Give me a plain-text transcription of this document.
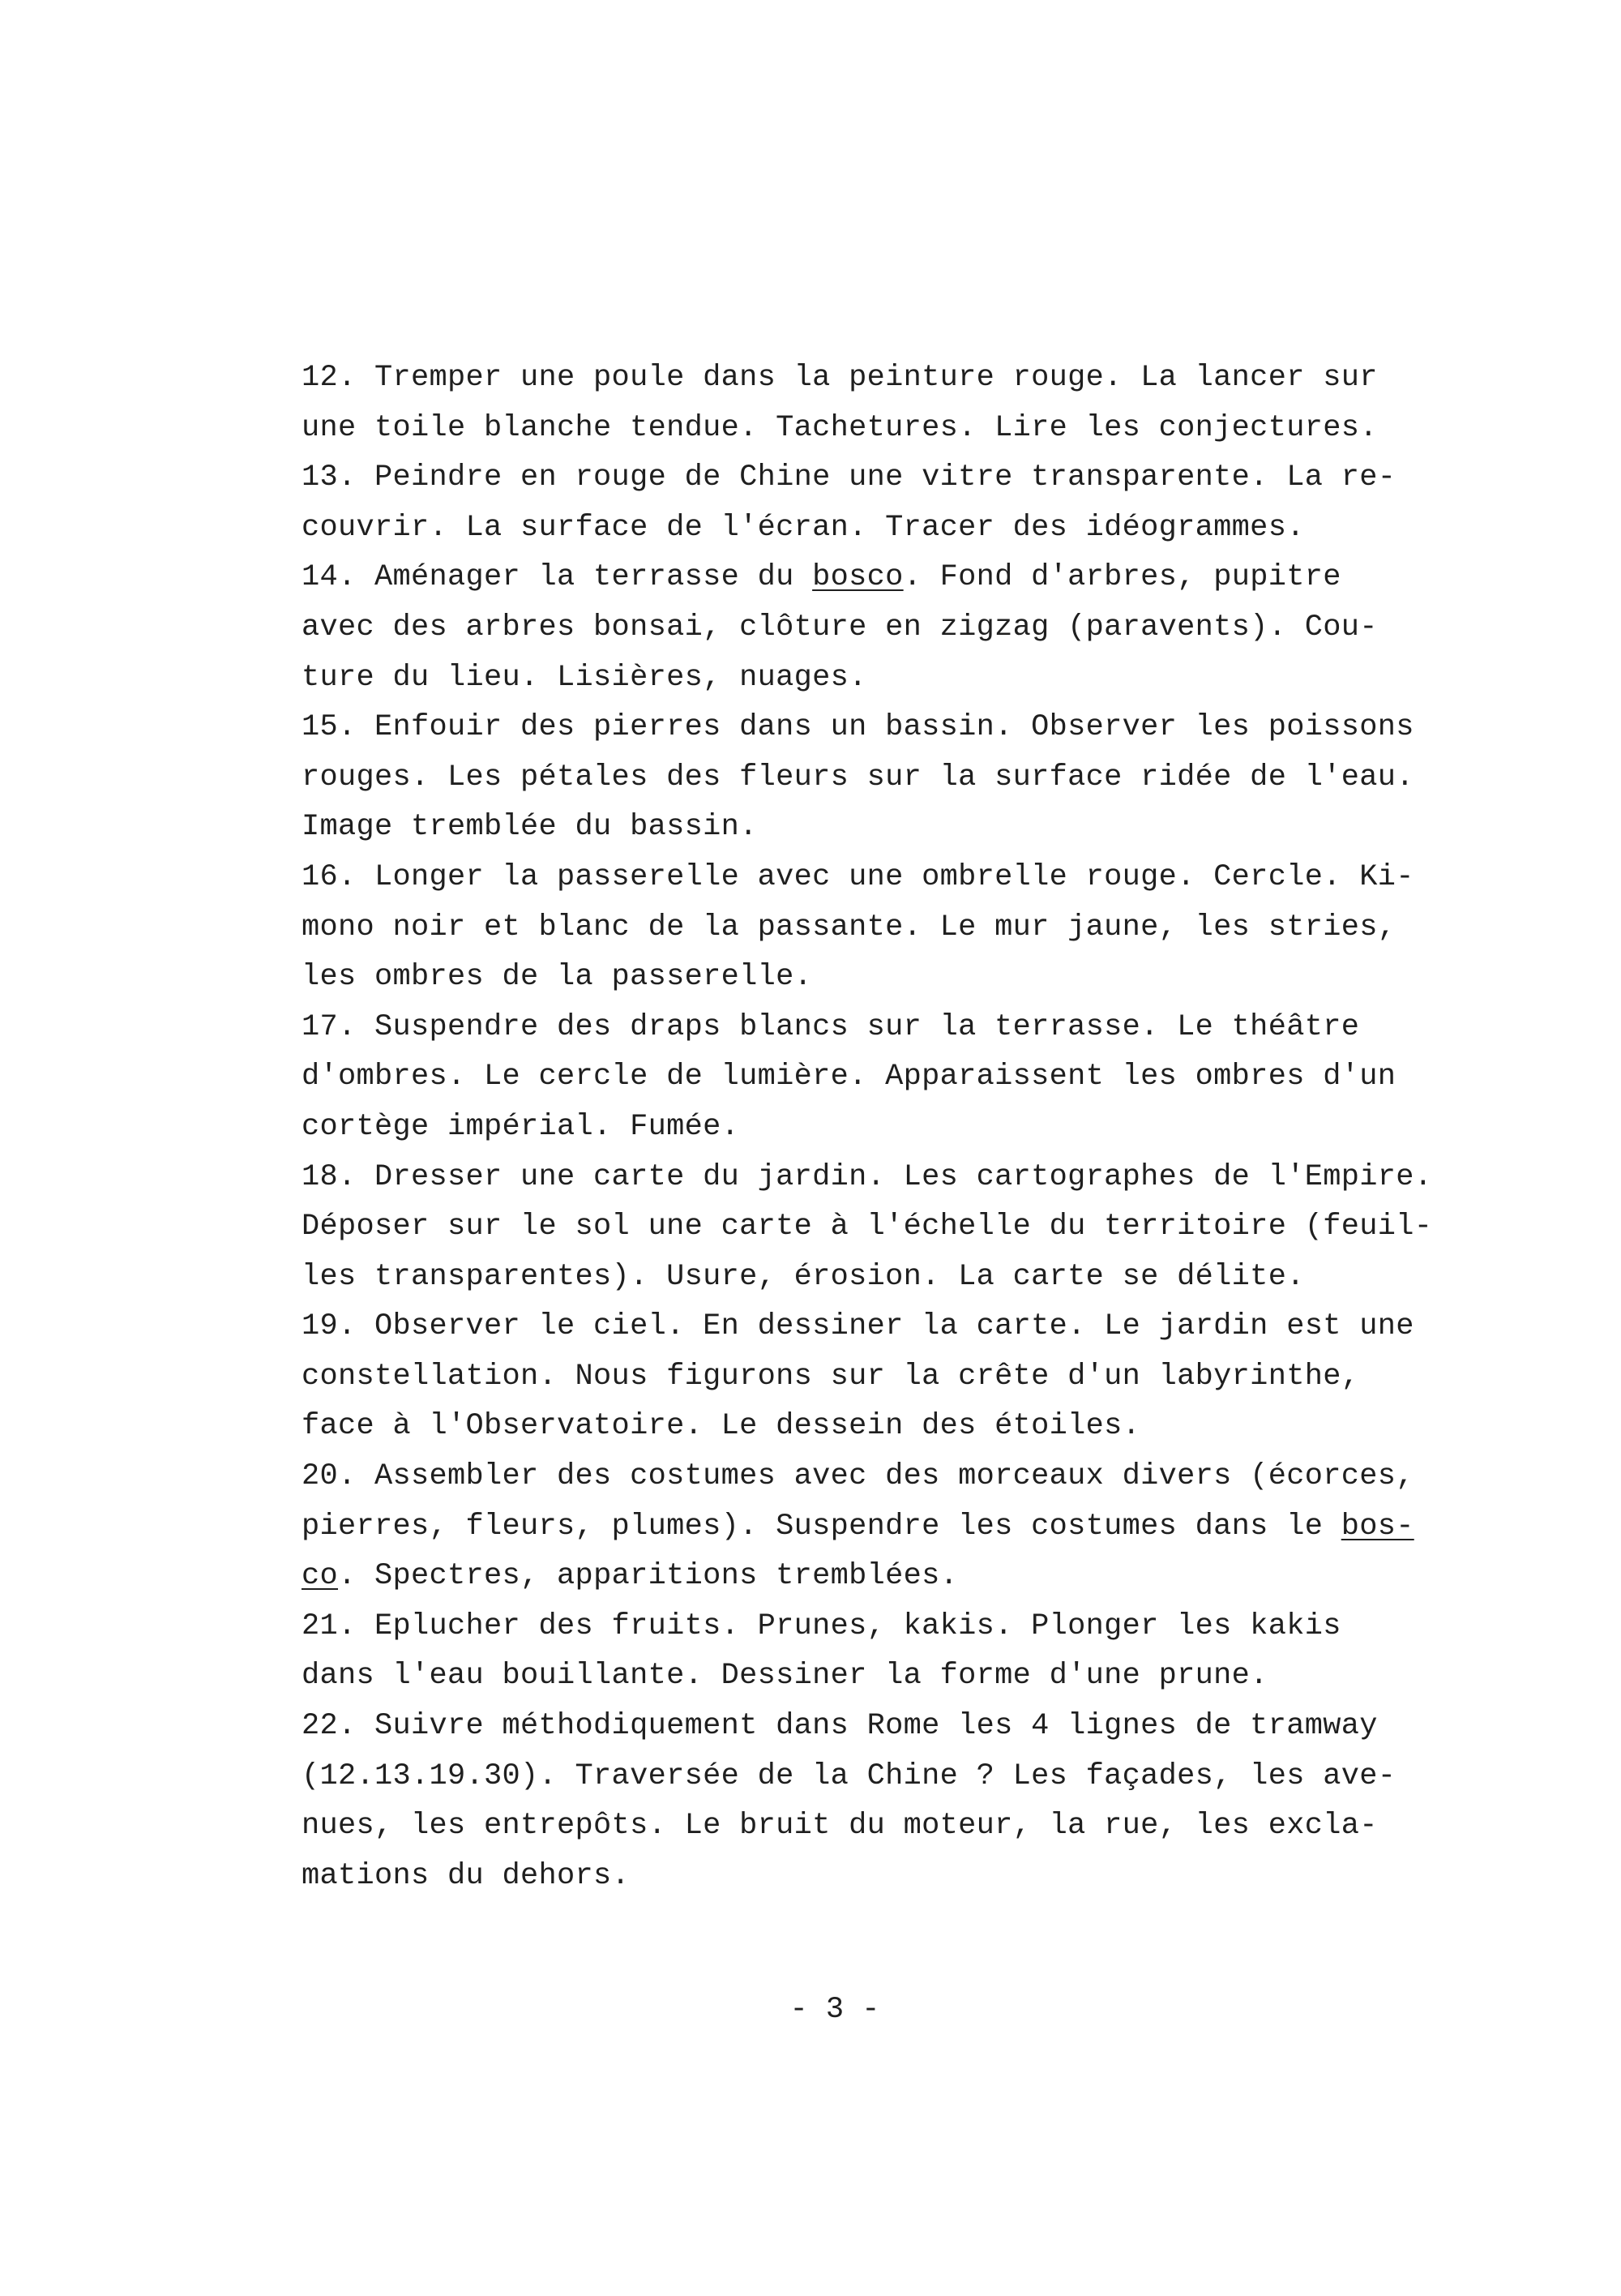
12. Tremper une poule dans la peinture rouge. La lancer sur
une toile blanche tendue. Tachetures. Lire les conjectures.
13. Peindre en rouge de Chine une vitre transparente. La re-
couvrir. La surface de l'écran. Tracer des idéogrammes.
14. Aménager la terrasse du bosco. Fond d'arbres, pupitre
avec des arbres bonsai, clôture en zigzag (paravents). Cou-
ture du lieu. Lisières, nuages.
15. Enfouir des pierres dans un bassin. Observer les poissons
rouges. Les pétales des fleurs sur la surface ridée de l'eau.
Image tremblée du bassin.
16. Longer la passerelle avec une ombrelle rouge. Cercle. Ki-
mono noir et blanc de la passante. Le mur jaune, les stries,
les ombres de la passerelle.
17. Suspendre des draps blancs sur la terrasse. Le théâtre
d'ombres. Le cercle de lumière. Apparaissent les ombres d'un
cortège impérial. Fumée.
18. Dresser une carte du jardin. Les cartographes de l'Empire.
Déposer sur le sol une carte à l'échelle du territoire (feuil-
les transparentes). Usure, érosion. La carte se délite.
19. Observer le ciel. En dessiner la carte. Le jardin est une
constellation. Nous figurons sur la crête d'un labyrinthe,
face à l'Observatoire. Le dessein des étoiles.
20. Assembler des costumes avec des morceaux divers (écorces,
pierres, fleurs, plumes). Suspendre les costumes dans le bos-
co. Spectres, apparitions tremblées.
21. Eplucher des fruits. Prunes, kakis. Plonger les kakis
dans l'eau bouillante. Dessiner la forme d'une prune.
22. Suivre méthodiquement dans Rome les 4 lignes de tramway
(12.13.19.30). Traversée de la Chine ? Les façades, les ave-
nues, les entrepôts. Le bruit du moteur, la rue, les excla-
mations du dehors.
- 3 -
